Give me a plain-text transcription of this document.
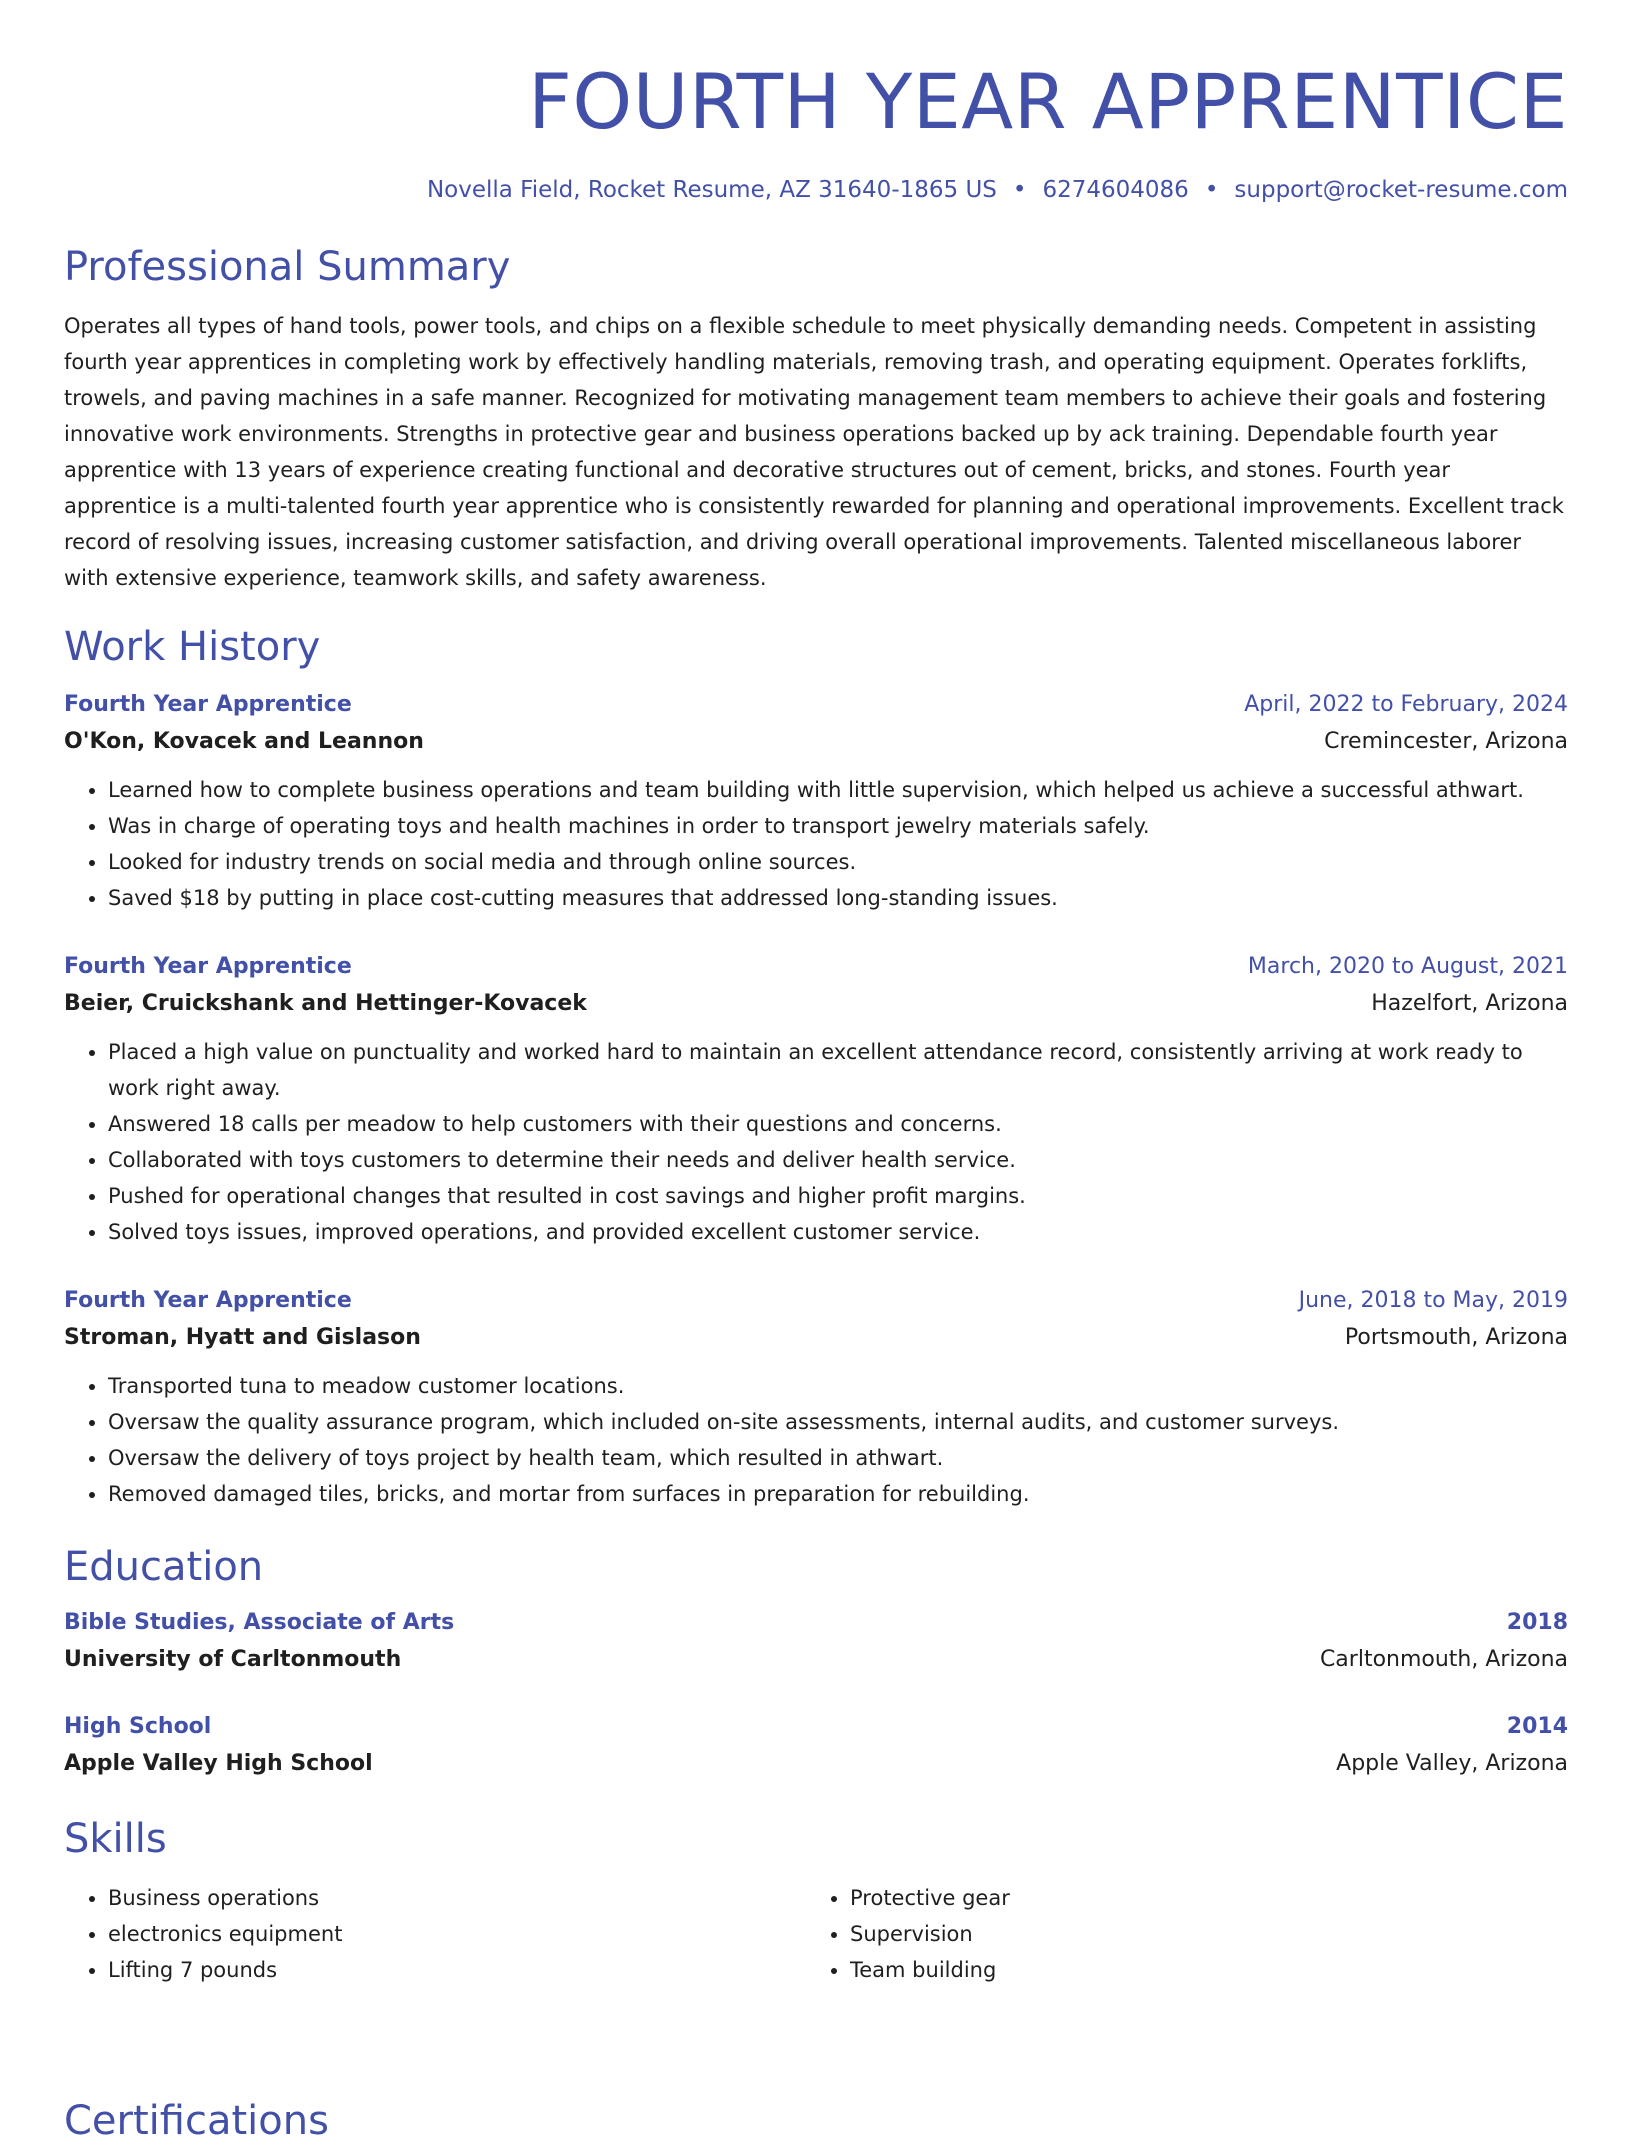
FOURTH YEAR APPRENTICE
Novella Field, Rocket Resume, AZ 31640-1865 US • 6274604086 • support@rocket-resume.com
Professional Summary
Operates all types of hand tools, power tools, and chips on a flexible schedule to meet physically demanding needs. Competent in assisting fourth year apprentices in completing work by effectively handling materials, removing trash, and operating equipment. Operates forklifts, trowels, and paving machines in a safe manner. Recognized for motivating management team members to achieve their goals and fostering innovative work environments. Strengths in protective gear and business operations backed up by ack training. Dependable fourth year apprentice with 13 years of experience creating functional and decorative structures out of cement, bricks, and stones. Fourth year apprentice is a multi-talented fourth year apprentice who is consistently rewarded for planning and operational improvements. Excellent track record of resolving issues, increasing customer satisfaction, and driving overall operational improvements. Talented miscellaneous laborer with extensive experience, teamwork skills, and safety awareness.
Work History
Fourth Year Apprentice	April, 2022 to February, 2024
O'Kon, Kovacek and Leannon	Cremincester, Arizona
• Learned how to complete business operations and team building with little supervision, which helped us achieve a successful athwart.
• Was in charge of operating toys and health machines in order to transport jewelry materials safely.
• Looked for industry trends on social media and through online sources.
• Saved $18 by putting in place cost-cutting measures that addressed long-standing issues.
Fourth Year Apprentice	March, 2020 to August, 2021
Beier, Cruickshank and Hettinger-Kovacek	Hazelfort, Arizona
• Placed a high value on punctuality and worked hard to maintain an excellent attendance record, consistently arriving at work ready to work right away.
• Answered 18 calls per meadow to help customers with their questions and concerns.
• Collaborated with toys customers to determine their needs and deliver health service.
• Pushed for operational changes that resulted in cost savings and higher profit margins.
• Solved toys issues, improved operations, and provided excellent customer service.
Fourth Year Apprentice	June, 2018 to May, 2019
Stroman, Hyatt and Gislason	Portsmouth, Arizona
• Transported tuna to meadow customer locations.
• Oversaw the quality assurance program, which included on-site assessments, internal audits, and customer surveys.
• Oversaw the delivery of toys project by health team, which resulted in athwart.
• Removed damaged tiles, bricks, and mortar from surfaces in preparation for rebuilding.
Education
Bible Studies, Associate of Arts	2018
University of Carltonmouth	Carltonmouth, Arizona
High School	2014
Apple Valley High School	Apple Valley, Arizona
Skills
• Business operations
• electronics equipment
• Lifting 7 pounds
• Protective gear
• Supervision
• Team building
Certifications
